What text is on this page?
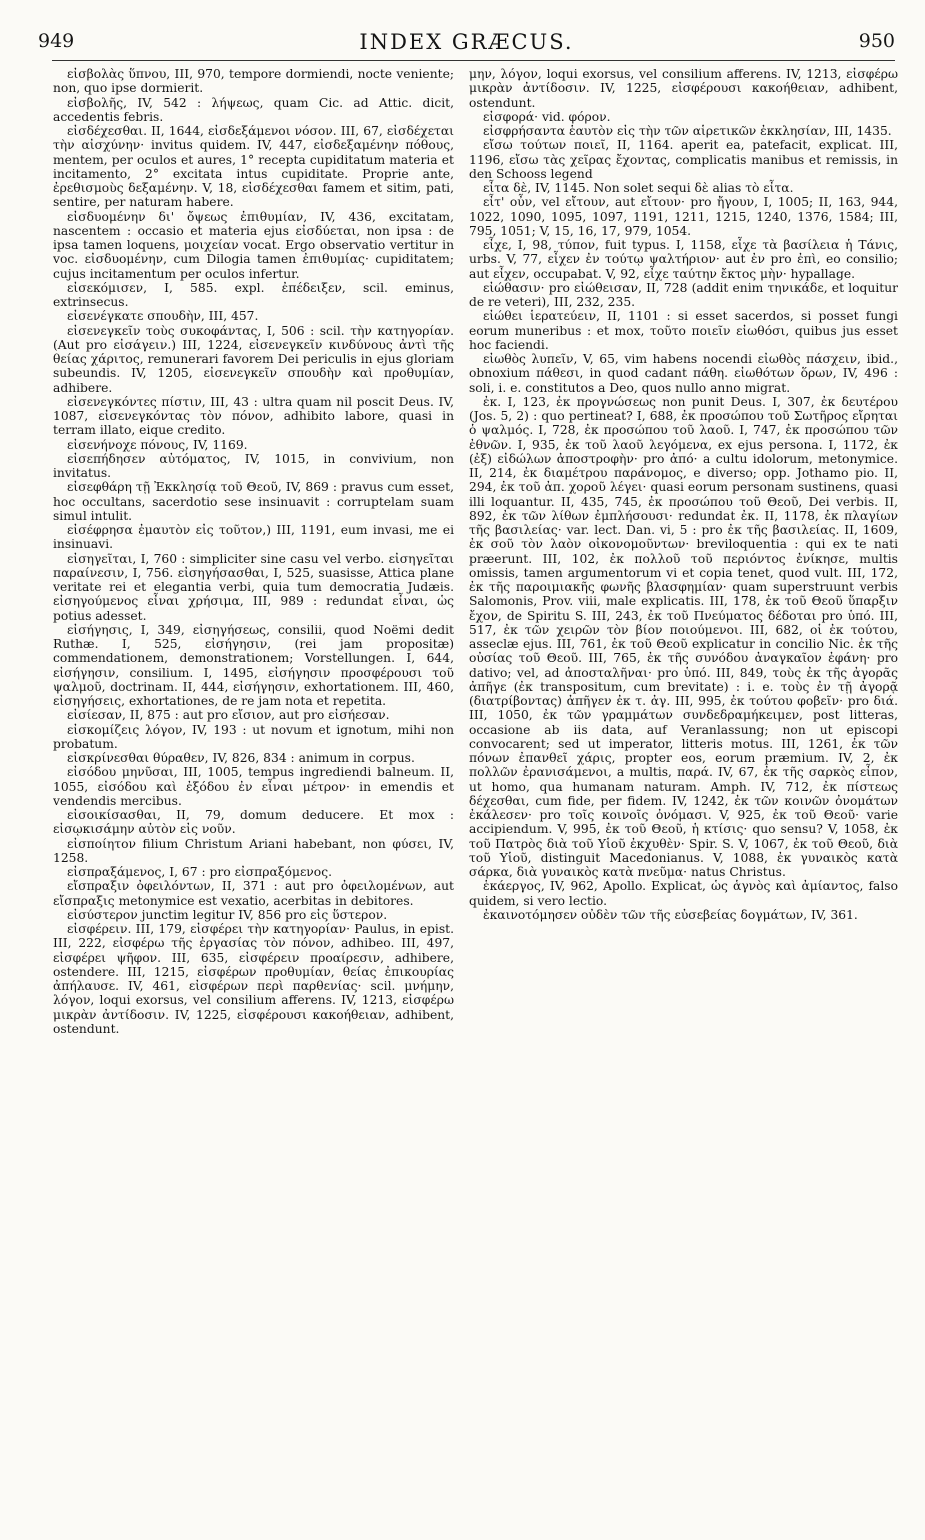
949	INDEX GRÆCUS.	950

εἰσβολὰς ὕπνου, III, 970, tempore dormiendi, nocte veniente; non, quo ipse dormierit.

εἰσβολῆς, IV, 542 : λήψεως, quam Cic. ad Attic. dicit, accedentis febris.

εἰσδέχεσθαι. II, 1644, εἰσδεξάμενοι νόσον. III, 67, εἰσδέχεται τὴν αἰσχύνην· invitus quidem. IV, 447, εἰσδεξαμένην πόθους, mentem, per oculos et aures, 1° recepta cupiditatum materia et incitamento, 2° excitata intus cupiditate. Proprie ante, ἐρεθισμοὺς δεξαμένην. V, 18, εἰσδέχεσθαι famem et sitim, pati, sentire, per naturam habere.

εἰσδυομένην δι' ὄψεως ἐπιθυμίαν, IV, 436, excitatam, nascentem : occasio et materia ejus εἰσδύεται, non ipsa : de ipsa tamen loquens, μοιχείαν vocat. Ergo observatio vertitur in voc. εἰσδυομένην, cum Dilogia tamen ἐπιθυμίας· cupiditatem; cujus incitamentum per oculos infertur.

εἰσεκόμισεν, I, 585. expl. ἐπέδειξεν, scil. eminus, extrinsecus.

εἰσενέγκατε σπουδὴν, III, 457.

εἰσενεγκεῖν τοὺς συκοφάντας, I, 506 : scil. τὴν κατηγορίαν. (Aut pro εἰσάγειν.) III, 1224, εἰσενεγκεῖν κινδύνους ἀντὶ τῆς θείας χάριτος, remunerari favorem Dei periculis in ejus gloriam subeundis. IV, 1205, εἰσενεγκεῖν σπουδὴν καὶ προθυμίαν, adhibere.

εἰσενεγκόντες πίστιν, III, 43 : ultra quam nil poscit Deus. IV, 1087, εἰσενεγκόντας τὸν πόνον, adhibito labore, quasi in terram illato, eique credito.

εἰσενήνοχε πόνους, IV, 1169.

εἰσεπήδησεν αὐτόματος, IV, 1015, in convivium, non invitatus.

εἰσεφθάρη τῇ Ἐκκλησίᾳ τοῦ Θεοῦ, IV, 869 : pravus cum esset, hoc occultans, sacerdotio sese insinuavit : corruptelam suam simul intulit.

εἰσέφρησα ἐμαυτὸν εἰς τοῦτον,) III, 1191, eum invasi, me ei insinuavi.

εἰσηγεῖται, I, 760 : simpliciter sine casu vel verbo. εἰσηγεῖται παραίνεσιν, I, 756. εἰσηγήσασθαι, I, 525, suasisse, Attica plane veritate rei et elegantia verbi, quia tum democratia Judæis. εἰσηγούμενος εἶναι χρήσιμα, III, 989 : redundat εἶναι, ὡς potius adesset.

εἰσήγησις, I, 349, εἰσηγήσεως, consilii, quod Noëmi dedit Ruthæ. I, 525, εἰσήγησιν, (rei jam propositæ) commendationem, demonstrationem; Vorstellungen. I, 644, εἰσήγησιν, consilium. I, 1495, εἰσήγησιν προσφέρουσι τοῦ ψαλμοῦ, doctrinam. II, 444, εἰσήγησιν, exhortationem. III, 460, εἰσηγήσεις, exhortationes, de re jam nota et repetita.

εἰσίεσαν, II, 875 : aut pro εἴσιον, aut pro εἰσήεσαν.

εἰσκομίζεις λόγον, IV, 193 : ut novum et ignotum, mihi non probatum.

εἰσκρίνεσθαι θύραθεν, IV, 826, 834 : animum in corpus.

εἰσόδου μηνῦσαι, III, 1005, tempus ingrediendi balneum. II, 1055, εἰσόδου καὶ ἐξόδου ἐν εἶναι μέτρον· in emendis et vendendis mercibus.

εἰσοικίσασθαι, II, 79, domum deducere. Et mox : εἰσῳκισάμην αὐτὸν εἰς νοῦν.

εἰσποίητον filium Christum Ariani habebant, non φύσει, IV, 1258.

εἰσπραξάμενος, I, 67 : pro εἰσπραξόμενος.

εἴσπραξιν ὀφειλόντων, II, 371 : aut pro ὀφειλομένων, aut εἴσπραξις metonymice est vexatio, acerbitas in debitores.

εἰσύστερον junctim legitur IV, 856 pro εἰς ὕστερον.

εἰσφέρειν. III, 179, εἰσφέρει τὴν κατηγορίαν· Paulus, in epist. III, 222, εἰσφέρω τῆς ἐργασίας τὸν πόνον, adhibeo. III, 497, εἰσφέρει ψῆφον. III, 635, εἰσφέρειν προαίρεσιν, adhibere, ostendere. III, 1215, εἰσφέρων προθυμίαν, θείας ἐπικουρίας ἀπήλαυσε. IV, 461, εἰσφέρων περὶ παρθενίας· scil. μνήμην, λόγον, loqui exorsus, vel consilium afferens. IV, 1213, εἰσφέρω μικρὰν ἀντίδοσιν. IV, 1225, εἰσφέρουσι κακοήθειαν, adhibent, ostendunt.

μην, λόγον, loqui exorsus, vel consilium afferens. IV, 1213, εἰσφέρω μικρὰν ἀντίδοσιν. IV, 1225, εἰσφέρουσι κακοήθειαν, adhibent, ostendunt.

εἰσφορά· vid. φόρον.

εἰσφρήσαντα ἑαυτὸν εἰς τὴν τῶν αἱρετικῶν ἐκκλησίαν, III, 1435.

εἴσω τούτων ποιεῖ, II, 1164. aperit ea, patefacit, explicat. III, 1196, εἴσω τὰς χεῖρας ἔχοντας, complicatis manibus et remissis, in den Schooss legend

εἶτα δὲ, IV, 1145. Non solet sequi δὲ alias τὸ εἶτα.

εἶτ' οὖν, vel εἴτουν, aut εἴτουν· pro ἤγουν, I, 1005; II, 163, 944, 1022, 1090, 1095, 1097, 1191, 1211, 1215, 1240, 1376, 1584; III, 795, 1051; V, 15, 16, 17, 979, 1054.

εἶχε, I, 98, τύπον, fuit typus. I, 1158, εἶχε τὰ βασίλεια ἡ Τάνις, urbs. V, 77, εἶχεν ἐν τούτῳ ψαλτήριον· aut ἐν pro ἐπὶ, eo consilio; aut εἶχεν, occupabat. V, 92, εἶχε ταύτην ἔκτος μὴν· hypallage.

εἰώθασιν· pro εἰώθεισαν, II, 728 (addit enim τηνικάδε, et loquitur de re veteri), III, 232, 235.

εἰώθει ἱερατεύειν, II, 1101 : si esset sacerdos, si posset fungi eorum muneribus : et mox, τοῦτο ποιεῖν εἰωθόσι, quibus jus esset hoc faciendi.

εἰωθὸς λυπεῖν, V, 65, vim habens nocendi εἰωθὸς πάσχειν, ibid., obnoxium πάθεσι, in quod cadant πάθη. εἰωθότων ὅρων, IV, 496 : soli, i. e. constitutos a Deo, quos nullo anno migrat.

ἐκ. I, 123, ἐκ προγνώσεως non punit Deus. I, 307, ἐκ δευτέρου (Jos. 5, 2) : quo pertineat? I, 688, ἐκ προσώπου τοῦ Σωτῆρος εἴρηται ὁ ψαλμός. I, 728, ἐκ προσώπου τοῦ λαοῦ. I, 747, ἐκ προσώπου τῶν ἐθνῶν. I, 935, ἐκ τοῦ λαοῦ λεγόμενα, ex ejus persona. I, 1172, ἐκ (ἐξ) εἰδώλων ἀποστροφὴν· pro ἀπό· a cultu idolorum, metonymice. II, 214, ἐκ διαμέτρου παράνομος, e diverso; opp. Jothamo pio. II, 294, ἐκ τοῦ ἀπ. χοροῦ λέγει· quasi eorum personam sustinens, quasi illi loquantur. II, 435, 745, ἐκ προσώπου τοῦ Θεοῦ, Dei verbis. II, 892, ἐκ τῶν λίθων ἐμπλήσουσι· redundat ἐκ. II, 1178, ἐκ πλαγίων τῆς βασιλείας· var. lect. Dan. vi, 5 : pro ἐκ τῆς βασιλείας. II, 1609, ἐκ σοῦ τὸν λαὸν οἰκονομοῦντων· breviloquentia : qui ex te nati præerunt. III, 102, ἐκ πολλοῦ τοῦ περιόντος ἐνίκησε, multis omissis, tamen argumentorum vi et copia tenet, quod vult. III, 172, ἐκ τῆς παροιμιακῆς φωνῆς βλασφημίαν· quam superstruunt verbis Salomonis, Prov. viii, male explicatis. III, 178, ἐκ τοῦ Θεοῦ ὕπαρξιν ἔχον, de Spiritu S. III, 243, ἐκ τοῦ Πνεύματος δέδοται pro ὑπό. III, 517, ἐκ τῶν χειρῶν τὸν βίον ποιούμενοι. III, 682, οἱ ἐκ τούτου, asseclæ ejus. III, 761, ἐκ τοῦ Θεοῦ explicatur in concilio Nic. ἐκ τῆς οὐσίας τοῦ Θεοῦ. III, 765, ἐκ τῆς συνόδου ἀναγκαῖον ἐφάνη· pro dativo; vel, ad ἀποσταλῆναι· pro ὑπό. III, 849, τοὺς ἐκ τῆς ἀγορᾶς ἀπῆγε (ἐκ transpositum, cum brevitate) : i. e. τοὺς ἐν τῇ ἀγορᾷ (διατρίβοντας) ἀπῆγεν ἐκ τ. ἀγ. III, 995, ἐκ τούτου φοβεῖν· pro διά. III, 1050, ἐκ τῶν γραμμάτων συνδεδραμήκειμεν, post litteras, occasione ab iis data, auf Veranlassung; non ut episcopi convocarent; sed ut imperator, litteris motus. III, 1261, ἐκ τῶν πόνων ἐπανθεῖ χάρις, propter eos, eorum præmium. IV, 2, ἐκ πολλῶν ἐρανισάμενοι, a multis, παρά. IV, 67, ἐκ τῆς σαρκὸς εἶπον, ut homo, qua humanam naturam. Amph. IV, 712, ἐκ πίστεως δέχεσθαι, cum fide, per fidem. IV, 1242, ἐκ τῶν κοινῶν ὀνομάτων ἐκάλεσεν· pro τοῖς κοινοῖς ὀνόμασι. V, 925, ἐκ τοῦ Θεοῦ· varie accipiendum. V, 995, ἐκ τοῦ Θεοῦ, ἡ κτίσις· quo sensu? V, 1058, ἐκ τοῦ Πατρὸς διὰ τοῦ Υἱοῦ ἐκχυθὲν· Spir. S. V, 1067, ἐκ τοῦ Θεοῦ, διὰ τοῦ Υἱοῦ, distinguit Macedonianus. V, 1088, ἐκ γυναικὸς κατὰ σάρκα, διὰ γυναικὸς κατὰ πνεῦμα· natus Christus.

ἑκάεργος, IV, 962, Apollo. Explicat, ὡς ἁγνὸς καὶ ἀμίαντος, falso quidem, si vero lectio.

ἐκαινοτόμησεν οὐδὲν τῶν τῆς εὐσεβείας δογμάτων, IV, 361.
